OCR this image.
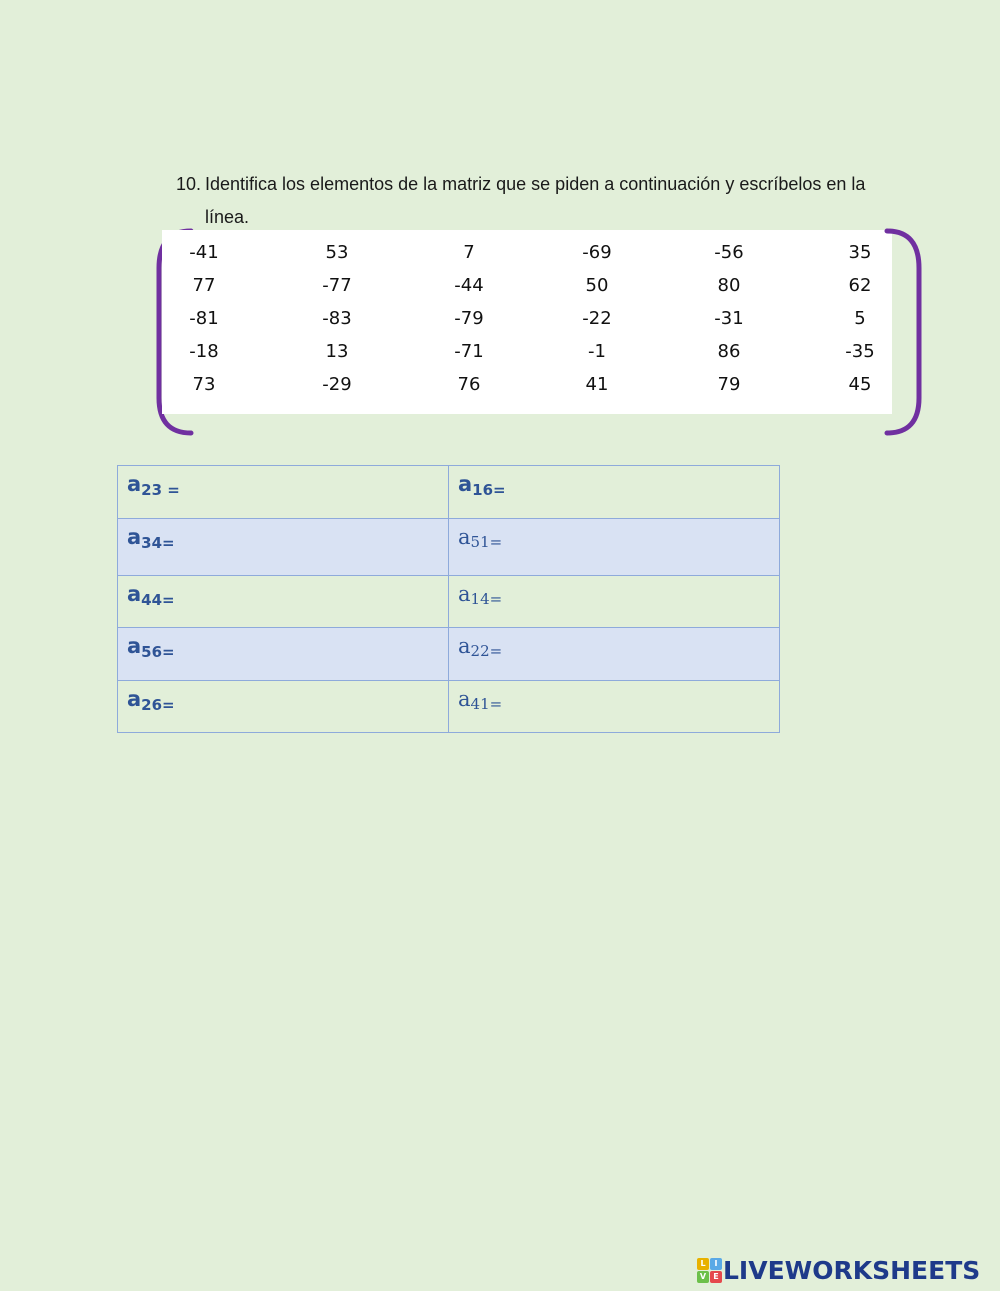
10. Identifica los elementos de la matriz que se piden a continuación y escríbelos en la línea.
-41	53	7	-69	-56	35
77	-77	-44	50	80	62
-81	-83	-79	-22	-31	5
-18	13	-71	-1	86	-35
73	-29	76	41	79	45
$a_{23}$ $_=$	$a_{16=}$
$a_{34=}$	$a_{51=}$
$a_{44=}$	$a_{14=}$
$a_{56=}$	$a_{22=}$
$a_{26=}$	$a_{41=}$
L	I
V E LIVEWORKSHEETS
